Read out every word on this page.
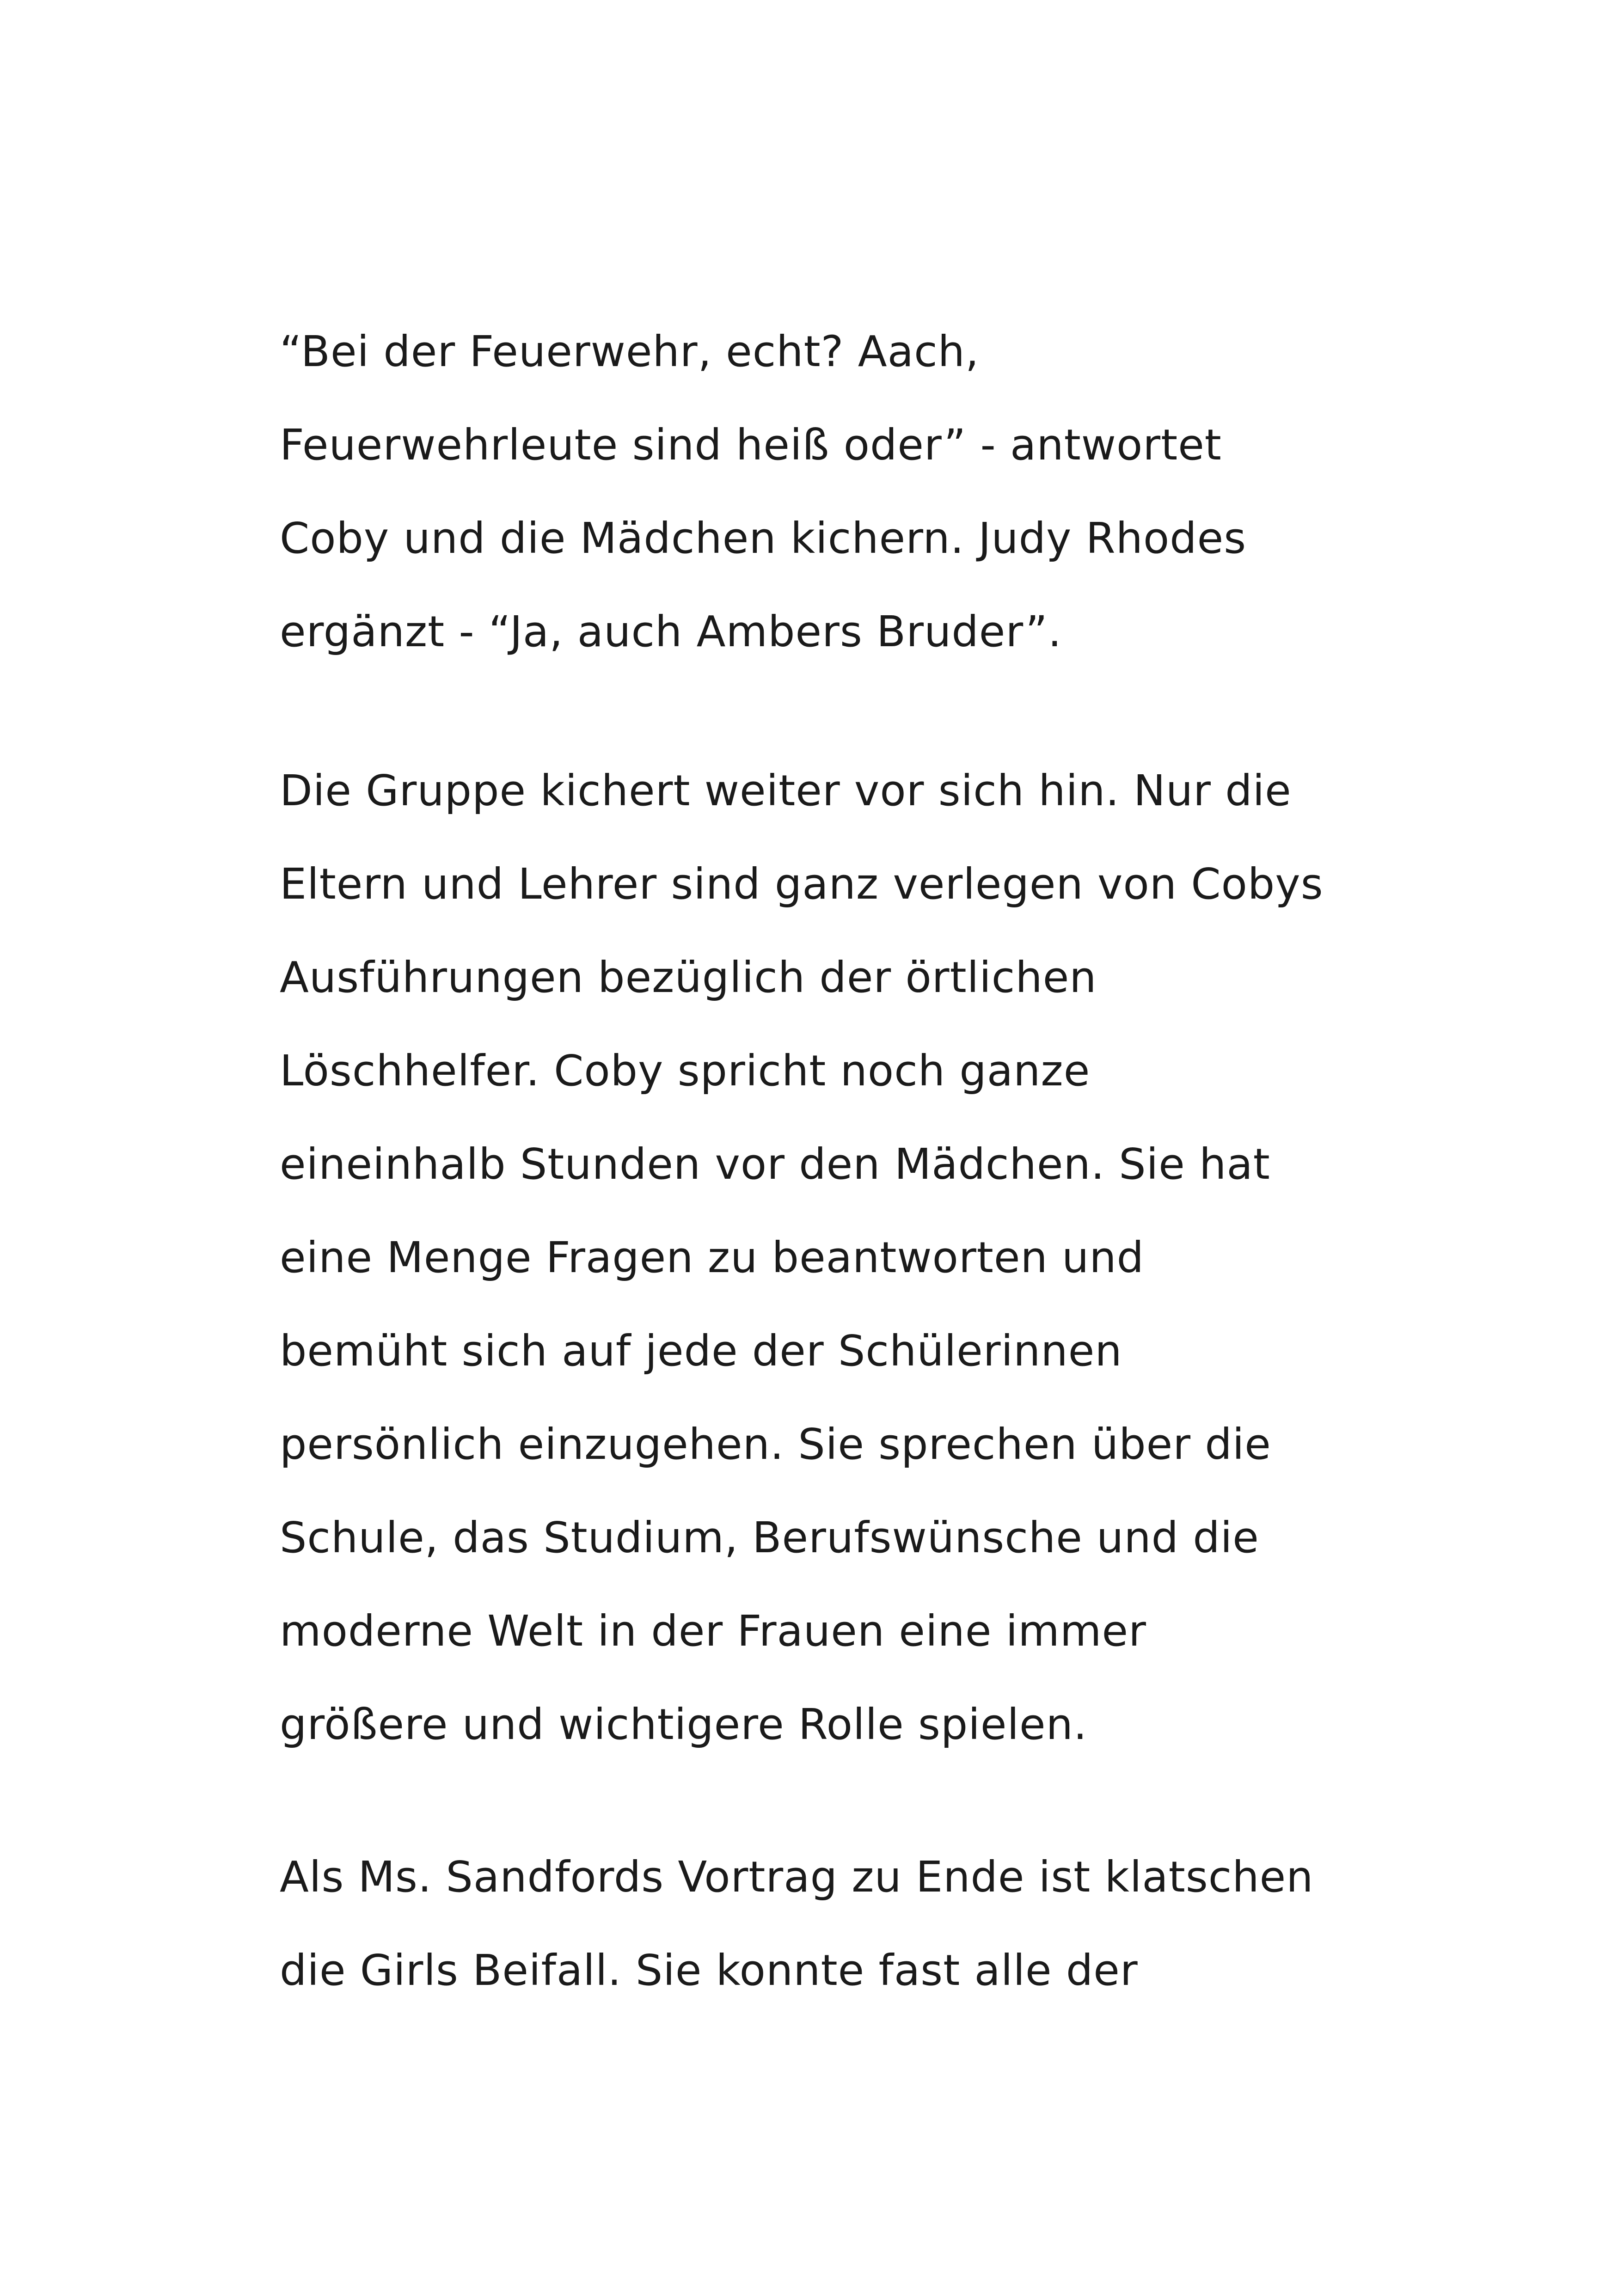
“Bei der Feuerwehr, echt? Aach,
Feuerwehrleute sind heiß oder” - antwortet
Coby und die Mädchen kichern. Judy Rhodes
ergänzt - “Ja, auch Ambers Bruder”.

Die Gruppe kichert weiter vor sich hin. Nur die
Eltern und Lehrer sind ganz verlegen von Cobys
Ausführungen bezüglich der örtlichen
Löschhelfer. Coby spricht noch ganze
eineinhalb Stunden vor den Mädchen. Sie hat
eine Menge Fragen zu beantworten und
bemüht sich auf jede der Schülerinnen
persönlich einzugehen. Sie sprechen über die
Schule, das Studium, Berufswünsche und die
moderne Welt in der Frauen eine immer
größere und wichtigere Rolle spielen.

Als Ms. Sandfords Vortrag zu Ende ist klatschen
die Girls Beifall. Sie konnte fast alle der
